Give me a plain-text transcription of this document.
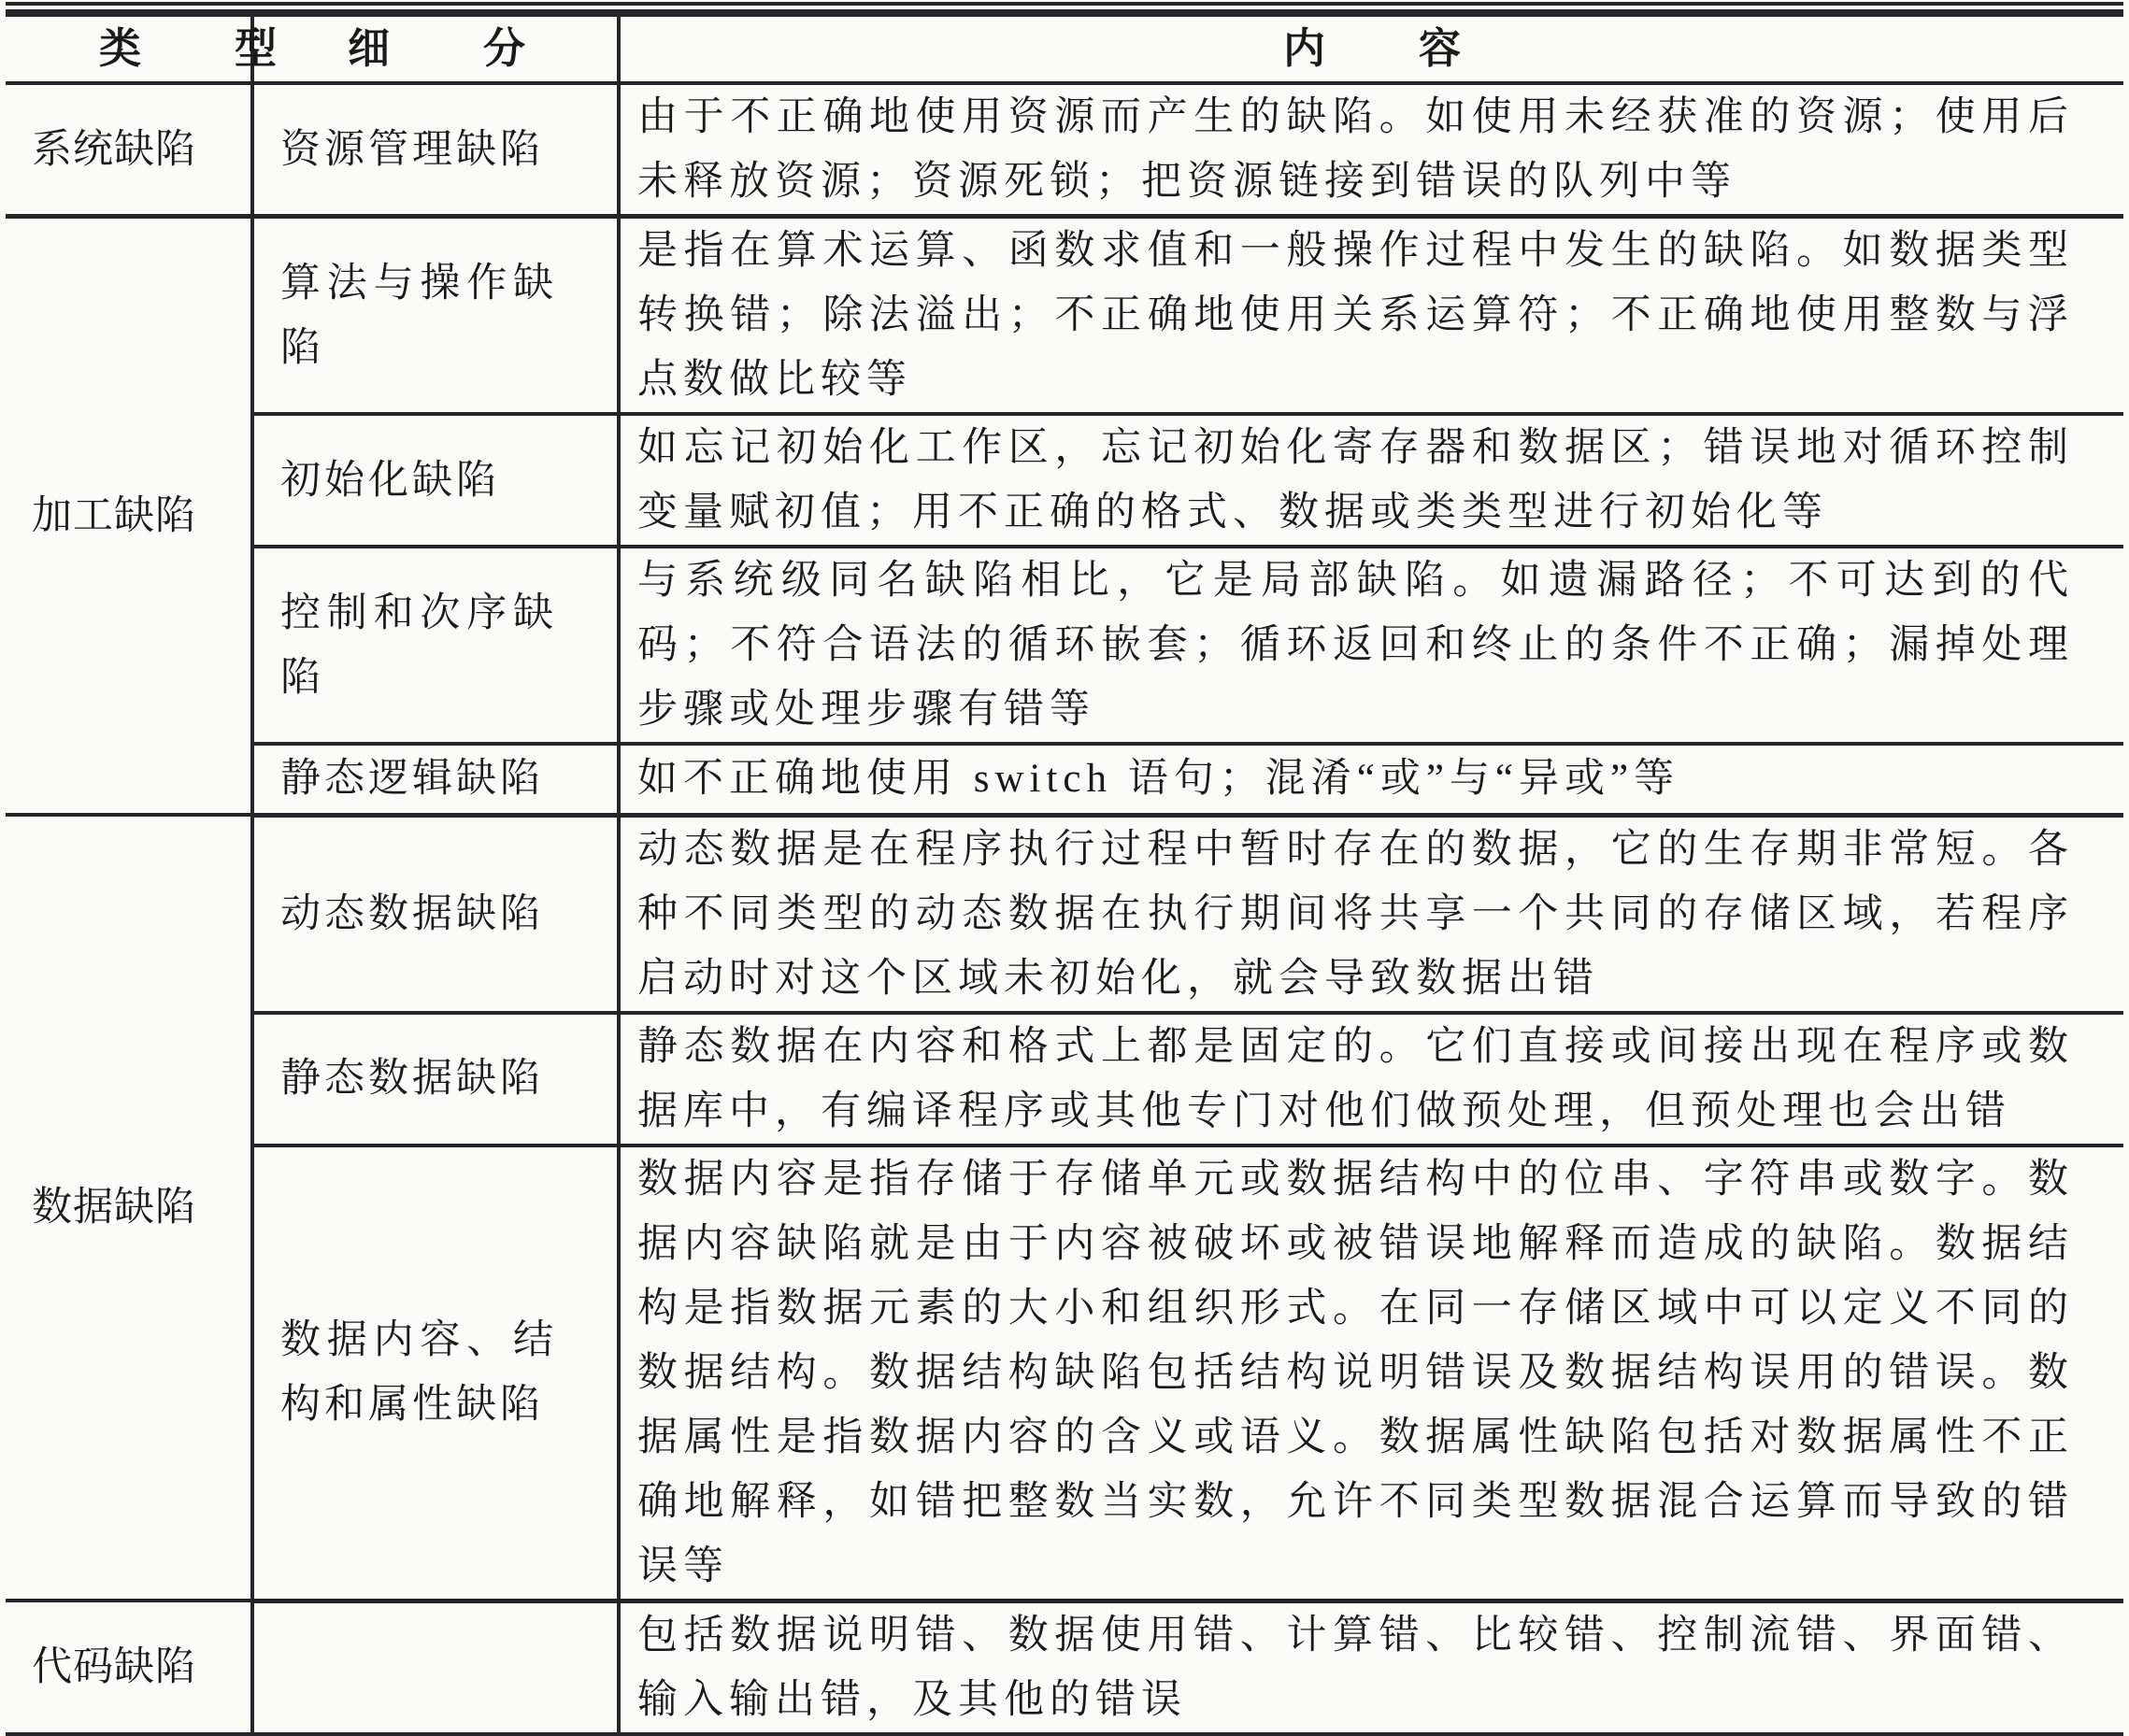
类型	细分	内容

系统缺陷	资源管理缺陷	由于不正确地使用资源而产生的缺陷。如使用未经获准的资源；使用后未释放资源；资源死锁；把资源链接到错误的队列中等
加工缺陷	算法与操作缺陷	是指在算术运算、函数求值和一般操作过程中发生的缺陷。如数据类型转换错；除法溢出；不正确地使用关系运算符；不正确地使用整数与浮点数做比较等
	初始化缺陷	如忘记初始化工作区，忘记初始化寄存器和数据区；错误地对循环控制变量赋初值；用不正确的格式、数据或类类型进行初始化等
	控制和次序缺陷	与系统级同名缺陷相比，它是局部缺陷。如遗漏路径；不可达到的代码；不符合语法的循环嵌套；循环返回和终止的条件不正确；漏掉处理步骤或处理步骤有错等
	静态逻辑缺陷	如不正确地使用 switch 语句；混淆“或”与“异或”等
数据缺陷	动态数据缺陷	动态数据是在程序执行过程中暂时存在的数据，它的生存期非常短。各种不同类型的动态数据在执行期间将共享一个共同的存储区域，若程序启动时对这个区域未初始化，就会导致数据出错
	静态数据缺陷	静态数据在内容和格式上都是固定的。它们直接或间接出现在程序或数据库中，有编译程序或其他专门对他们做预处理，但预处理也会出错
	数据内容、结构和属性缺陷	数据内容是指存储于存储单元或数据结构中的位串、字符串或数字。数据内容缺陷就是由于内容被破坏或被错误地解释而造成的缺陷。数据结构是指数据元素的大小和组织形式。在同一存储区域中可以定义不同的数据结构。数据结构缺陷包括结构说明错误及数据结构误用的错误。数据属性是指数据内容的含义或语义。数据属性缺陷包括对数据属性不正确地解释，如错把整数当实数，允许不同类型数据混合运算而导致的错误等
代码缺陷		包括数据说明错、数据使用错、计算错、比较错、控制流错、界面错、输入输出错，及其他的错误
